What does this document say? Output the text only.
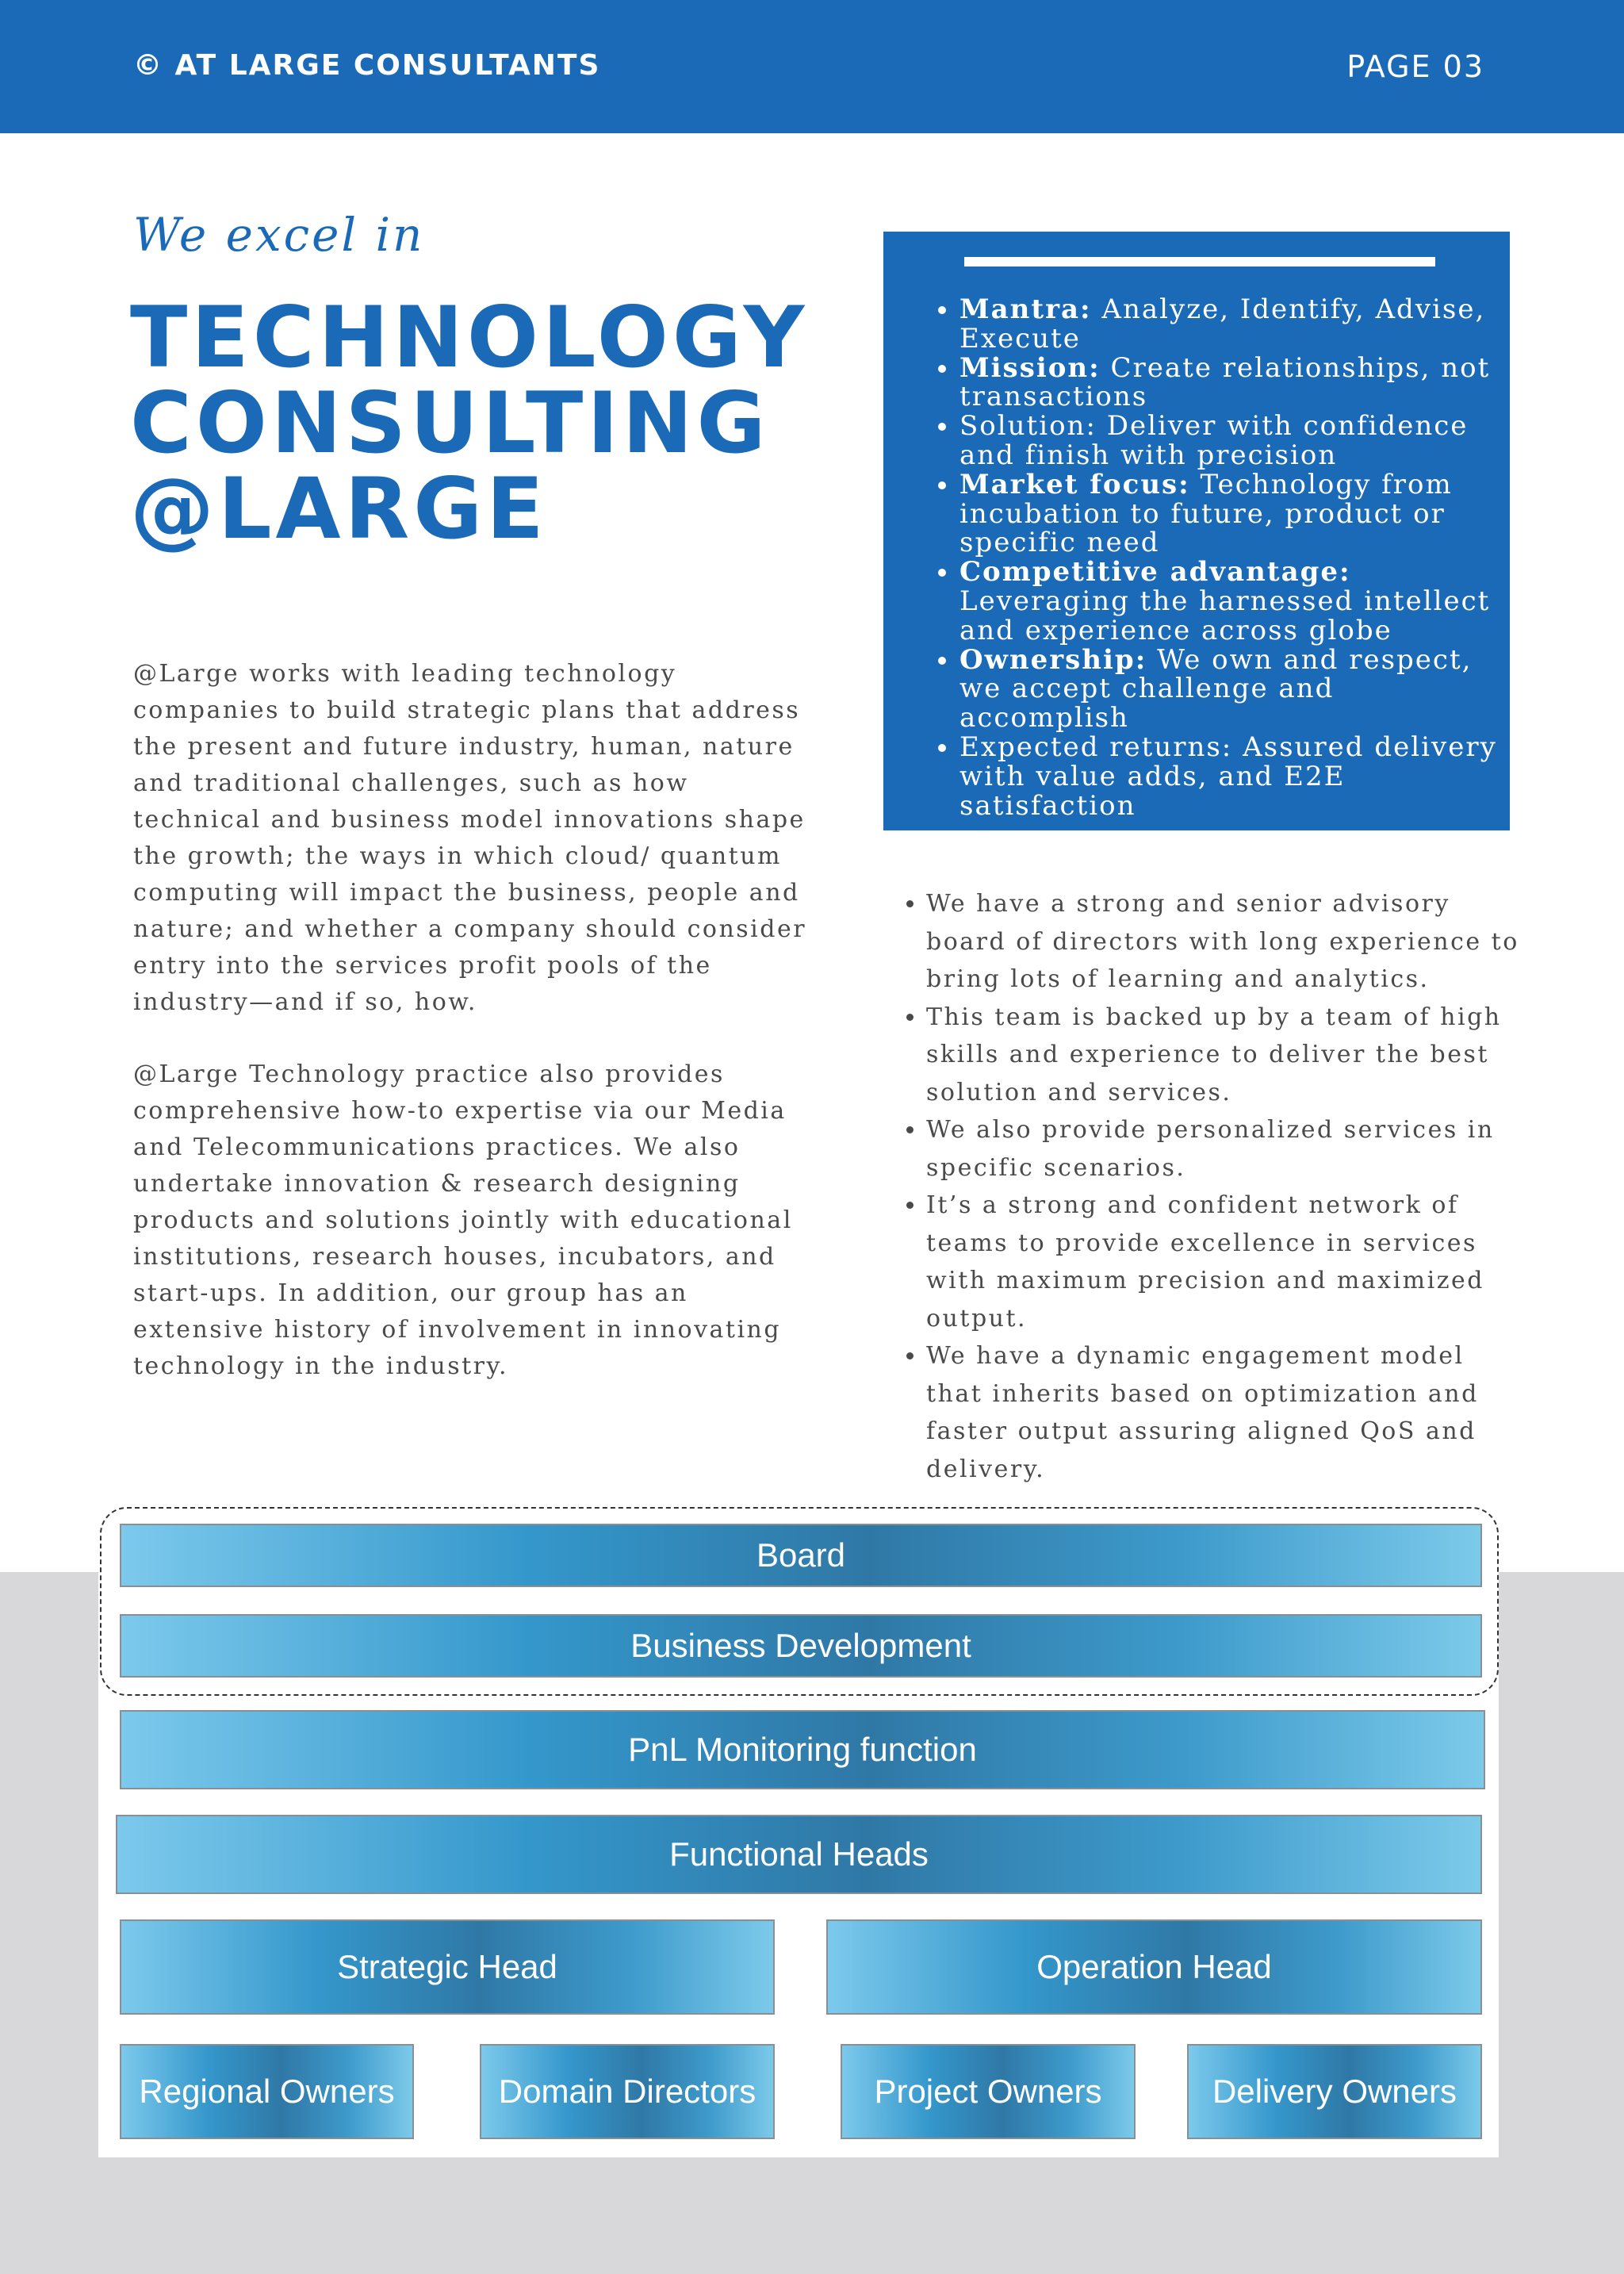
© AT LARGE CONSULTANTS	PAGE 03
We excel in
TECHNOLOGY
CONSULTING
@LARGE

@Large works with leading technology companies to build strategic plans that address the present and future industry, human, nature and traditional challenges, such as how technical and business model innovations shape the growth; the ways in which cloud/ quantum computing will impact the business, people and nature; and whether a company should consider entry into the services profit pools of the industry—and if so, how.

@Large Technology practice also provides comprehensive how-to expertise via our Media and Telecommunications practices. We also undertake innovation & research designing products and solutions jointly with educational institutions, research houses, incubators, and start-ups. In addition, our group has an extensive history of involvement in innovating technology in the industry.

• Mantra: Analyze, Identify, Advise, Execute
• Mission: Create relationships, not transactions
• Solution: Deliver with confidence and finish with precision
• Market focus: Technology from incubation to future, product or specific need
• Competitive advantage: Leveraging the harnessed intellect and experience across globe
• Ownership: We own and respect, we accept challenge and accomplish
• Expected returns: Assured delivery with value adds, and E2E satisfaction
• We have a strong and senior advisory board of directors with long experience to bring lots of learning and analytics.
• This team is backed up by a team of high skills and experience to deliver the best solution and services.
• We also provide personalized services in specific scenarios.
• It’s a strong and confident network of teams to provide excellence in services with maximum precision and maximized output.
• We have a dynamic engagement model that inherits based on optimization and faster output assuring aligned QoS and delivery.
Board
Business Development
PnL Monitoring function
Functional Heads
Strategic Head	Operation Head
Regional Owners	Domain Directors	Project Owners	Delivery Owners
